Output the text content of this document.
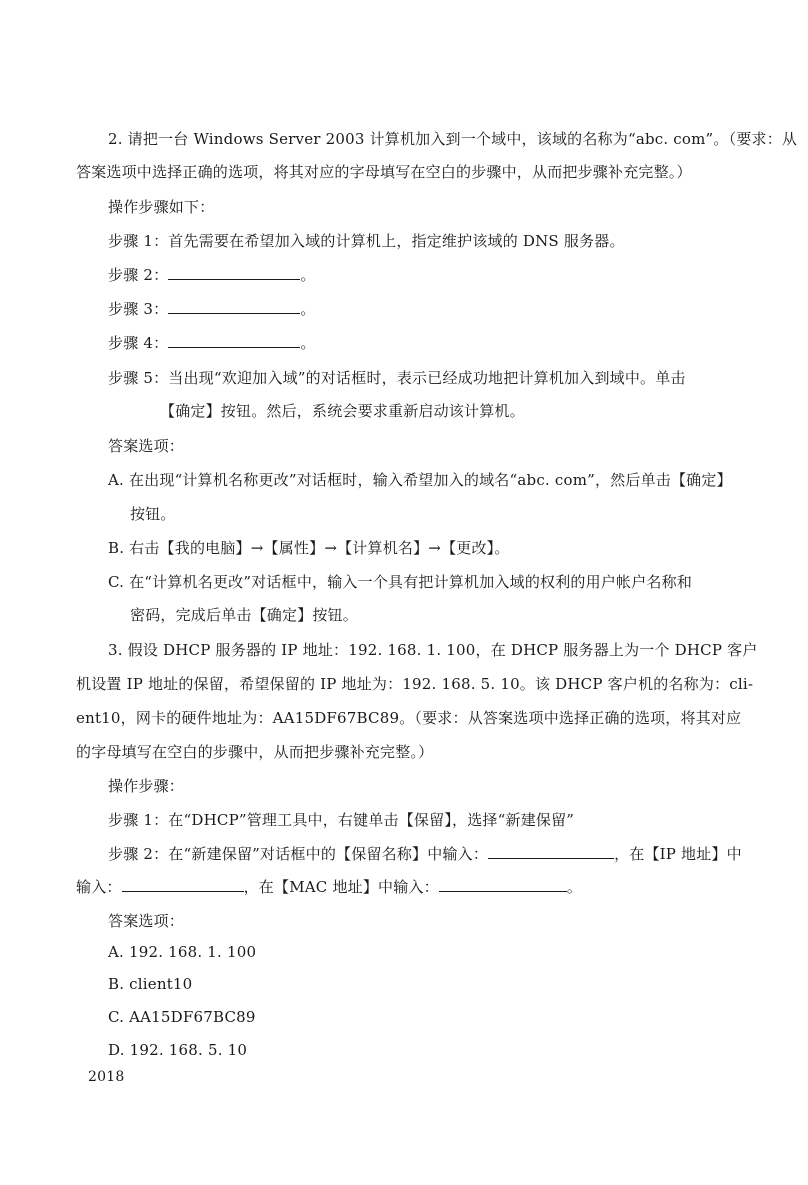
2. 请把一台 Windows Server 2003 计算机加入到一个域中，该域的名称为“abc. com”。（要求：从
答案选项中选择正确的选项，将其对应的字母填写在空白的步骤中，从而把步骤补充完整。）
操作步骤如下：
步骤 1：首先需要在希望加入域的计算机上，指定维护该域的 DNS 服务器。
步骤 2：	。
步骤 3：	。
步骤 4：	。
步骤 5：当出现“欢迎加入域”的对话框时，表示已经成功地把计算机加入到域中。单击
【确定】按钮。然后，系统会要求重新启动该计算机。
答案选项：
A. 在出现“计算机名称更改”对话框时，输入希望加入的域名“abc. com”，然后单击【确定】
按钮。
B. 右击【我的电脑】→【属性】→【计算机名】→【更改】。
C. 在“计算机名更改”对话框中，输入一个具有把计算机加入域的权利的用户帐户名称和
密码，完成后单击【确定】按钮。
3. 假设 DHCP 服务器的 IP 地址：192. 168. 1. 100，在 DHCP 服务器上为一个 DHCP 客户
机设置 IP 地址的保留，希望保留的 IP 地址为：192. 168. 5. 10。该 DHCP 客户机的名称为：cli-
ent10，网卡的硬件地址为：AA15DF67BC89。（要求：从答案选项中选择正确的选项，将其对应
的字母填写在空白的步骤中，从而把步骤补充完整。）
操作步骤：
步骤 1：在“DHCP”管理工具中，右键单击【保留】，选择“新建保留”
步骤 2：在“新建保留”对话框中的【保留名称】中输入：	，在【IP 地址】中
输入：	，在【MAC 地址】中输入：	。
答案选项：
A. 192. 168. 1. 100
B. client10
C. AA15DF67BC89
D. 192. 168. 5. 10
2018
